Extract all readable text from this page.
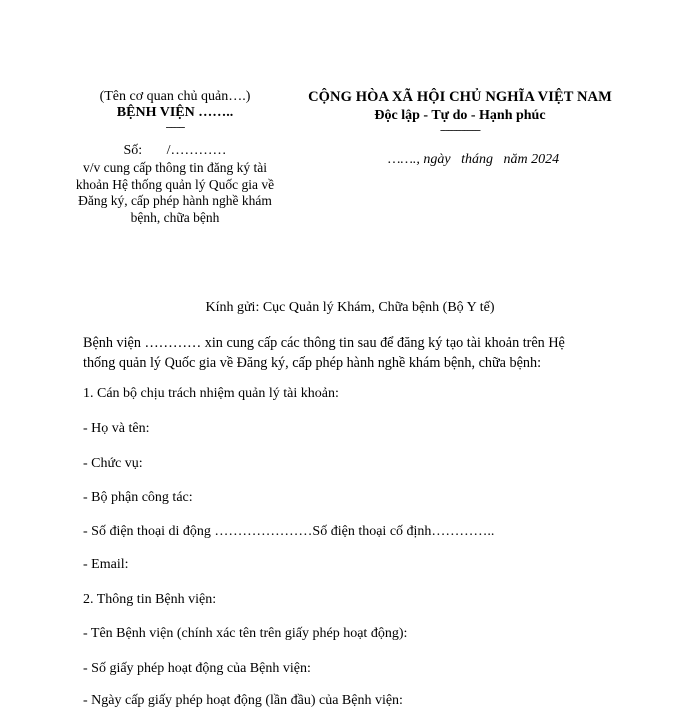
(Tên cơ quan chủ quản….)
BỆNH VIỆN ……..
-------
Số:       /…………
v/v cung cấp thông tin đăng ký tài khoản Hệ thống quản lý Quốc gia về Đăng ký, cấp phép hành nghề khám bệnh, chữa bệnh
CỘNG HÒA XÃ HỘI CHỦ NGHĨA VIỆT NAM
Độc lập - Tự do - Hạnh phúc
---------------
……., ngày   tháng   năm 2024
Kính gửi: Cục Quản lý Khám, Chữa bệnh (Bộ Y tế)
Bệnh viện ………… xin cung cấp các thông tin sau để đăng ký tạo tài khoản trên Hệ thống quản lý Quốc gia về Đăng ký, cấp phép hành nghề khám bệnh, chữa bệnh:
1. Cán bộ chịu trách nhiệm quản lý tài khoản:
- Họ và tên:
- Chức vụ:
- Bộ phận công tác:
- Số điện thoại di động …………………Số điện thoại cố định…………..
- Email:
2. Thông tin Bệnh viện:
- Tên Bệnh viện (chính xác tên trên giấy phép hoạt động):
- Số giấy phép hoạt động của Bệnh viện:
- Ngày cấp giấy phép hoạt động (lần đầu) của Bệnh viện:
